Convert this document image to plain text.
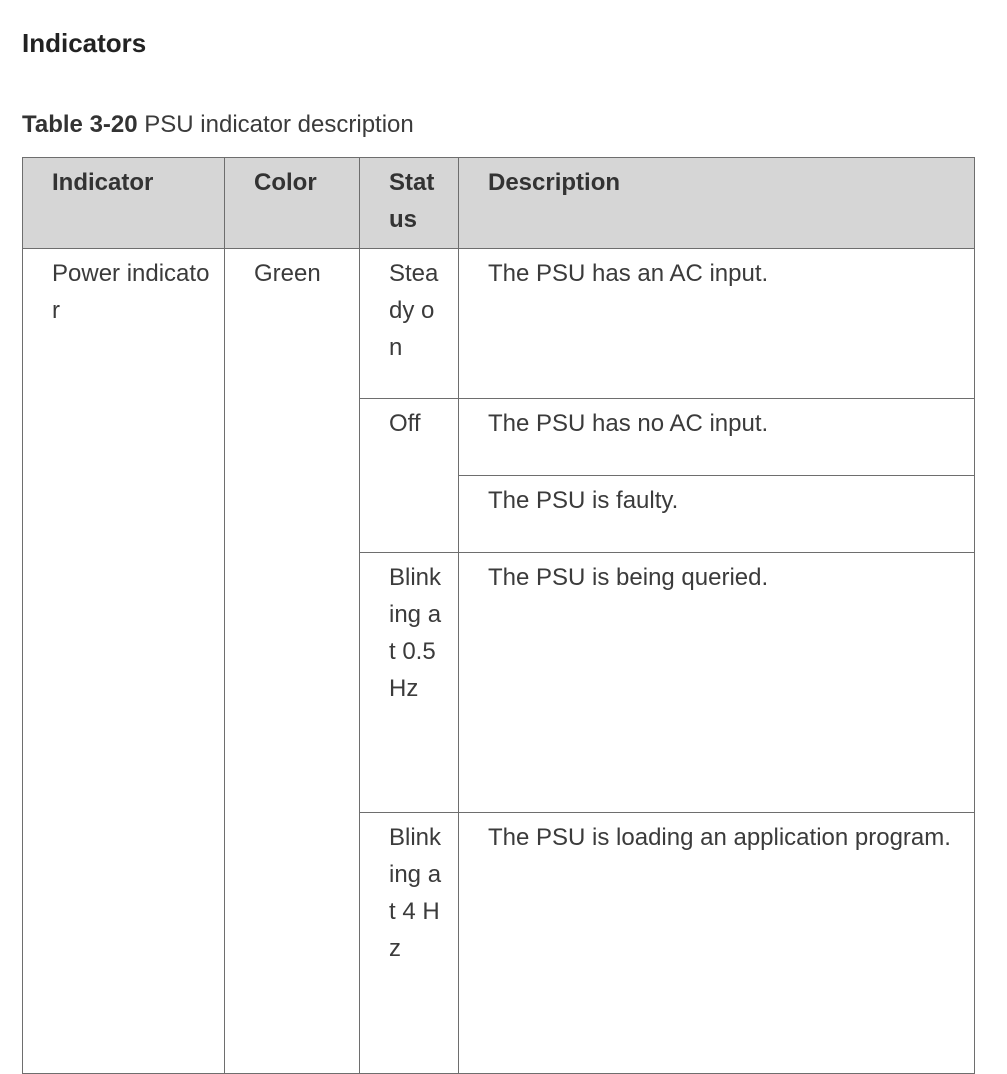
Indicators

Table 3-20 PSU indicator description

Indicator	Color	Status	Description
Power indicator	Green	Steady on	The PSU has an AC input.
		Off	The PSU has no AC input.
			The PSU is faulty.
		Blinking at 0.5 Hz	The PSU is being queried.
		Blinking at 4 Hz	The PSU is loading an application program.
